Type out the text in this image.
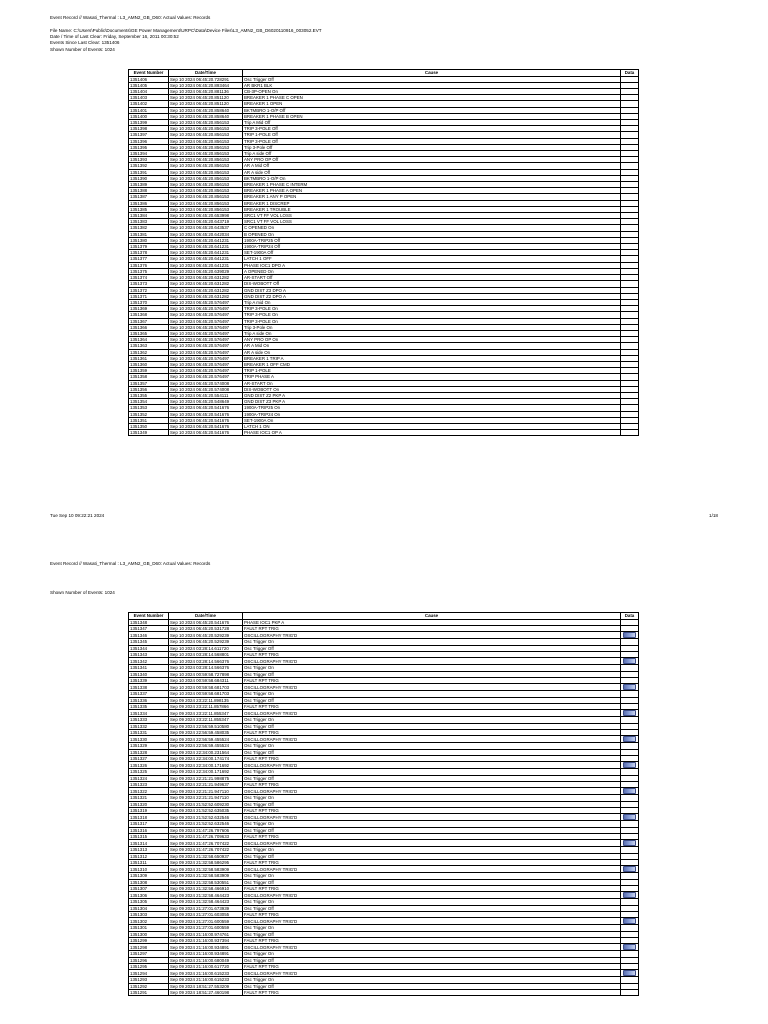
Event Record // Wasati_Thermal : L3_AMN2_GB_D60: Actual Values: Records
File Name: C:\Users\Public\Documents\GE Power Management\URPC\Data\Device Files\L3_AMN2_GB_D6020110916_003052.EVT
Date / Time of Last Clear: Friday, September 16, 2011 00:30:52
Events Since Last Clear: 1351406
Shown Number of Events: 1024
Event Number	Date/Time	Cause	Data
1351406	Sep 10 2024 06:45:20.728291	Osc Trigger Off	
1351405	Sep 10 2024 06:45:20.893464	AR BKR1 BLK	
1351404	Sep 10 2024 06:45:20.881136	CB-3P-OPEN On	
1351403	Sep 10 2024 06:45:20.851120	BREAKER 1 PHASE C OPEN	
1351402	Sep 10 2024 06:45:20.851120	BREAKER 1 OPEN	
1351401	Sep 10 2024 06:45:20.858640	BKTMBRO 1-O/P Off	
1351400	Sep 10 2024 06:45:20.858640	BREAKER 1 PHASE B OPEN	
1351399	Sep 10 2024 06:45:20.856153	Trip A Mid Off	
1351398	Sep 10 2024 06:45:20.856153	TRIP 3-POLE Off	
1351397	Sep 10 2024 06:45:20.856153	TRIP 1-POLE Off	
1351396	Sep 10 2024 06:45:20.856153	TRIP 3-POLE Off	
1351395	Sep 10 2024 06:45:20.856153	Trip 3-Pole Off	
1351394	Sep 10 2024 06:45:20.856153	Trip A side Off	
1351393	Sep 10 2024 06:45:20.856153	ANY PRO OP Off	
1351392	Sep 10 2024 06:45:20.856153	AR A Mid Off	
1351391	Sep 10 2024 06:45:20.856153	AR A side Off	
1351390	Sep 10 2024 06:45:20.856153	BKTMBRO 1-O/P On	
1351389	Sep 10 2024 06:45:20.856153	BREAKER 1 PHASE C INTERM	
1351388	Sep 10 2024 06:45:20.856153	BREAKER 1 PHASE A OPEN	
1351387	Sep 10 2024 06:45:20.856153	BREAKER 1 ANY P OPEN	
1351386	Sep 10 2024 06:45:20.856153	BREAKER 1 DISCREP	
1351385	Sep 10 2024 06:45:20.856153	BREAKER 1 TROUBLE	
1351384	Sep 10 2024 06:45:20.653998	SRC1 VT FF VOL LOSS	
1351383	Sep 10 2024 06:45:20.643719	SRC1 VT FF VOL LOSS	
1351382	Sep 10 2024 06:45:20.643537	C OPENED On	
1351381	Sep 10 2024 06:45:20.642034	B OPENED On	
1351380	Sep 10 2024 06:45:20.641231	1900A-TRIP25 Off	
1351379	Sep 10 2024 06:45:20.641231	1900A-TRIP24 Off	
1351378	Sep 10 2024 06:45:20.641231	SET-1900A Off	
1351377	Sep 10 2024 06:45:20.641231	LATCH 1 OFF	
1351376	Sep 10 2024 06:45:20.641231	PHASE IOC1 DPO A	
1351375	Sep 10 2024 06:45:20.639029	A OPENED On	
1351374	Sep 10 2024 06:45:20.631282	AR-START Off	
1351373	Sep 10 2024 06:45:20.631282	DIS-WOBOTT Off	
1351372	Sep 10 2024 06:45:20.631282	GND DIST Z3 DPO A	
1351371	Sep 10 2024 06:45:20.631282	GND DIST Z2 DPO A	
1351370	Sep 10 2024 06:45:20.576497	Trip A mid On	
1351369	Sep 10 2024 06:45:20.576497	TRIP 3-POLE On	
1351368	Sep 10 2024 06:45:20.576497	TRIP 3-POLE On	
1351367	Sep 10 2024 06:45:20.576497	TRIP 3-POLE On	
1351366	Sep 10 2024 06:45:20.576497	Trip 3-Pole On	
1351365	Sep 10 2024 06:45:20.576497	Trip A side On	
1351364	Sep 10 2024 06:45:20.576497	ANY PRO OP On	
1351363	Sep 10 2024 06:45:20.576497	AR A Mid On	
1351362	Sep 10 2024 06:45:20.576497	AR A side On	
1351361	Sep 10 2024 06:45:20.576497	BREAKER 1 TRIP A	
1351360	Sep 10 2024 06:45:20.576497	BREAKER 1 OFF CMD	
1351359	Sep 10 2024 06:45:20.576497	TRIP 1-POLE	
1351358	Sep 10 2024 06:45:20.576497	TRIP PHASE A	
1351357	Sep 10 2024 06:45:20.574008	AR-START On	
1351356	Sep 10 2024 06:45:20.574008	DIS-WOBOTT On	
1351355	Sep 10 2024 06:45:20.554111	GND DIST Z2 PKP A	
1351354	Sep 10 2024 06:45:20.548649	GND DIST Z3 PKP A	
1351353	Sep 10 2024 06:45:20.541676	1900A-TRIP25 On	
1351352	Sep 10 2024 06:45:20.541676	1900A-TRIP24 On	
1351351	Sep 10 2024 06:45:20.541676	SET-1900A On	
1351350	Sep 10 2024 06:45:20.541676	LATCH 1 ON	
1351349	Sep 10 2024 06:45:20.541676	PHASE IOC1 OP A	
Tue Sep 10 09:22:21 2024	1/18
Event Record // Wasati_Thermal : L3_AMN2_GB_D60: Actual Values: Records
Shown Number of Events: 1024
Event Number	Date/Time	Cause	Data
1351348	Sep 10 2024 06:45:20.541676	PHASE IOC1 PKP A	
1351347	Sep 10 2024 06:45:20.531728	FAULT RPT TRIG	
1351346	Sep 10 2024 06:45:20.529239	OSCILLOGRAPHY TRIG'D	
1351345	Sep 10 2024 06:45:20.529239	Osc Trigger On	
1351344	Sep 10 2024 03:28:14.611720	Osc Trigger Off	
1351343	Sep 10 2024 03:28:14.568801	FAULT RPT TRIG	
1351342	Sep 10 2024 03:28:14.566376	OSCILLOGRAPHY TRIG'D	
1351341	Sep 10 2024 03:28:14.566376	Osc Trigger On	
1351340	Sep 10 2024 00:59:58.727898	Osc Trigger Off	
1351339	Sep 10 2024 00:59:58.684311	FAULT RPT TRIG	
1351338	Sep 10 2024 00:59:58.681703	OSCILLOGRAPHY TRIG'D	
1351337	Sep 10 2024 00:59:58.681703	Osc Trigger On	
1351336	Sep 09 2024 23:22:11.898135	Osc Trigger Off	
1351335	Sep 09 2024 23:22:11.857866	FAULT RPT TRIG	
1351334	Sep 09 2024 23:22:11.855347	OSCILLOGRAPHY TRIG'D	
1351333	Sep 09 2024 23:22:11.855347	Osc Trigger On	
1351332	Sep 09 2024 22:56:59.510580	Osc Trigger Off	
1351331	Sep 09 2024 22:56:59.458035	FAULT RPT TRIG	
1351330	Sep 09 2024 22:56:59.455524	OSCILLOGRAPHY TRIG'D	
1351329	Sep 09 2024 22:56:59.455524	Osc Trigger On	
1351328	Sep 09 2024 22:34:00.231564	Osc Trigger Off	
1351327	Sep 09 2024 22:34:00.174174	FAULT RPT TRIG	
1351326	Sep 09 2024 22:34:00.171692	OSCILLOGRAPHY TRIG'D	
1351325	Sep 09 2024 22:34:00.171692	Osc Trigger On	
1351324	Sep 09 2024 22:21:21.998875	Osc Trigger Off	
1351323	Sep 09 2024 22:21:21.949637	FAULT RPT TRIG	
1351322	Sep 09 2024 22:21:21.947110	OSCILLOGRAPHY TRIG'D	
1351321	Sep 09 2024 22:21:21.947110	Osc Trigger On	
1351320	Sep 09 2024 21:52:52.609230	Osc Trigger Off	
1351319	Sep 09 2024 21:52:52.635035	FAULT RPT TRIG	
1351318	Sep 09 2024 21:52:52.632546	OSCILLOGRAPHY TRIG'D	
1351317	Sep 09 2024 21:52:52.632546	Osc Trigger On	
1351316	Sep 09 2024 21:47:26.797606	Osc Trigger Off	
1351315	Sep 09 2024 21:47:26.709633	FAULT RPT TRIG	
1351314	Sep 09 2024 21:47:26.707422	OSCILLOGRAPHY TRIG'D	
1351313	Sep 09 2024 21:47:26.707422	Osc Trigger On	
1351312	Sep 09 2024 21:32:58.650937	Osc Trigger Off	
1351311	Sep 09 2024 21:32:58.586295	FAULT RPT TRIG	
1351310	Sep 09 2024 21:32:58.583909	OSCILLOGRAPHY TRIG'D	
1351309	Sep 09 2024 21:32:58.583909	Osc Trigger On	
1351308	Sep 09 2024 21:32:58.530551	Osc Trigger Off	
1351307	Sep 09 2024 21:32:58.466910	FAULT RPT TRIG	
1351306	Sep 09 2024 21:32:58.464423	OSCILLOGRAPHY TRIG'D	
1351305	Sep 09 2024 21:32:58.464423	Osc Trigger On	
1351304	Sep 09 2024 21:27:01.673939	Osc Trigger Off	
1351303	Sep 09 2024 21:27:01.603055	FAULT RPT TRIG	
1351302	Sep 09 2024 21:27:01.600559	OSCILLOGRAPHY TRIG'D	
1351301	Sep 09 2024 21:27:01.600559	Osc Trigger On	
1351300	Sep 09 2024 21:16:00.974761	Osc Trigger Off	
1351299	Sep 09 2024 21:16:00.937394	FAULT RPT TRIG	
1351298	Sep 09 2024 21:16:00.934891	OSCILLOGRAPHY TRIG'D	
1351297	Sep 09 2024 21:16:00.934891	Osc Trigger On	
1351296	Sep 09 2024 21:16:00.680049	Osc Trigger Off	
1351295	Sep 09 2024 21:16:00.617720	FAULT RPT TRIG	
1351294	Sep 09 2024 21:16:00.615233	OSCILLOGRAPHY TRIG'D	
1351293	Sep 09 2024 21:16:00.615233	Osc Trigger On	
1351292	Sep 09 2024 18:51:27.553209	Osc Trigger Off	
1351291	Sep 09 2024 18:51:27.460198	FAULT RPT TRIG	
